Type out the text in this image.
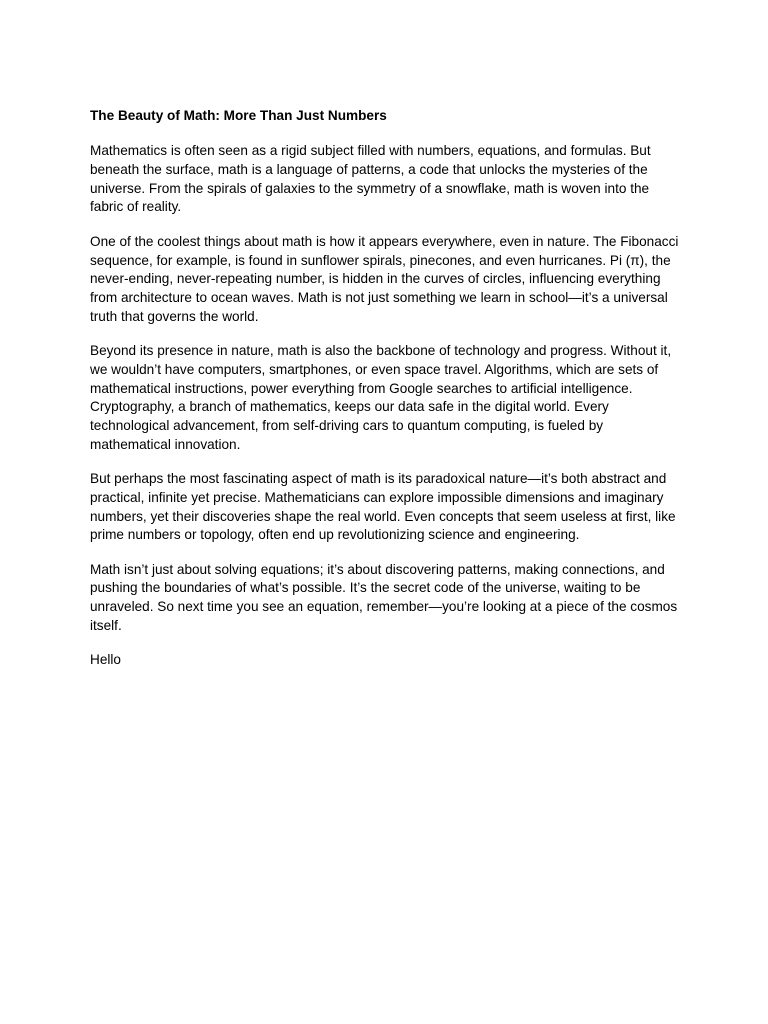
The Beauty of Math: More Than Just Numbers

Mathematics is often seen as a rigid subject filled with numbers, equations, and formulas. But beneath the surface, math is a language of patterns, a code that unlocks the mysteries of the universe. From the spirals of galaxies to the symmetry of a snowflake, math is woven into the fabric of reality.

One of the coolest things about math is how it appears everywhere, even in nature. The Fibonacci sequence, for example, is found in sunflower spirals, pinecones, and even hurricanes. Pi (π), the never-ending, never-repeating number, is hidden in the curves of circles, influencing everything from architecture to ocean waves. Math is not just something we learn in school—it’s a universal truth that governs the world.

Beyond its presence in nature, math is also the backbone of technology and progress. Without it, we wouldn’t have computers, smartphones, or even space travel. Algorithms, which are sets of mathematical instructions, power everything from Google searches to artificial intelligence. Cryptography, a branch of mathematics, keeps our data safe in the digital world. Every technological advancement, from self-driving cars to quantum computing, is fueled by mathematical innovation.

But perhaps the most fascinating aspect of math is its paradoxical nature—it’s both abstract and practical, infinite yet precise. Mathematicians can explore impossible dimensions and imaginary numbers, yet their discoveries shape the real world. Even concepts that seem useless at first, like prime numbers or topology, often end up revolutionizing science and engineering.

Math isn’t just about solving equations; it’s about discovering patterns, making connections, and pushing the boundaries of what’s possible. It’s the secret code of the universe, waiting to be unraveled. So next time you see an equation, remember—you’re looking at a piece of the cosmos itself.

Hello
